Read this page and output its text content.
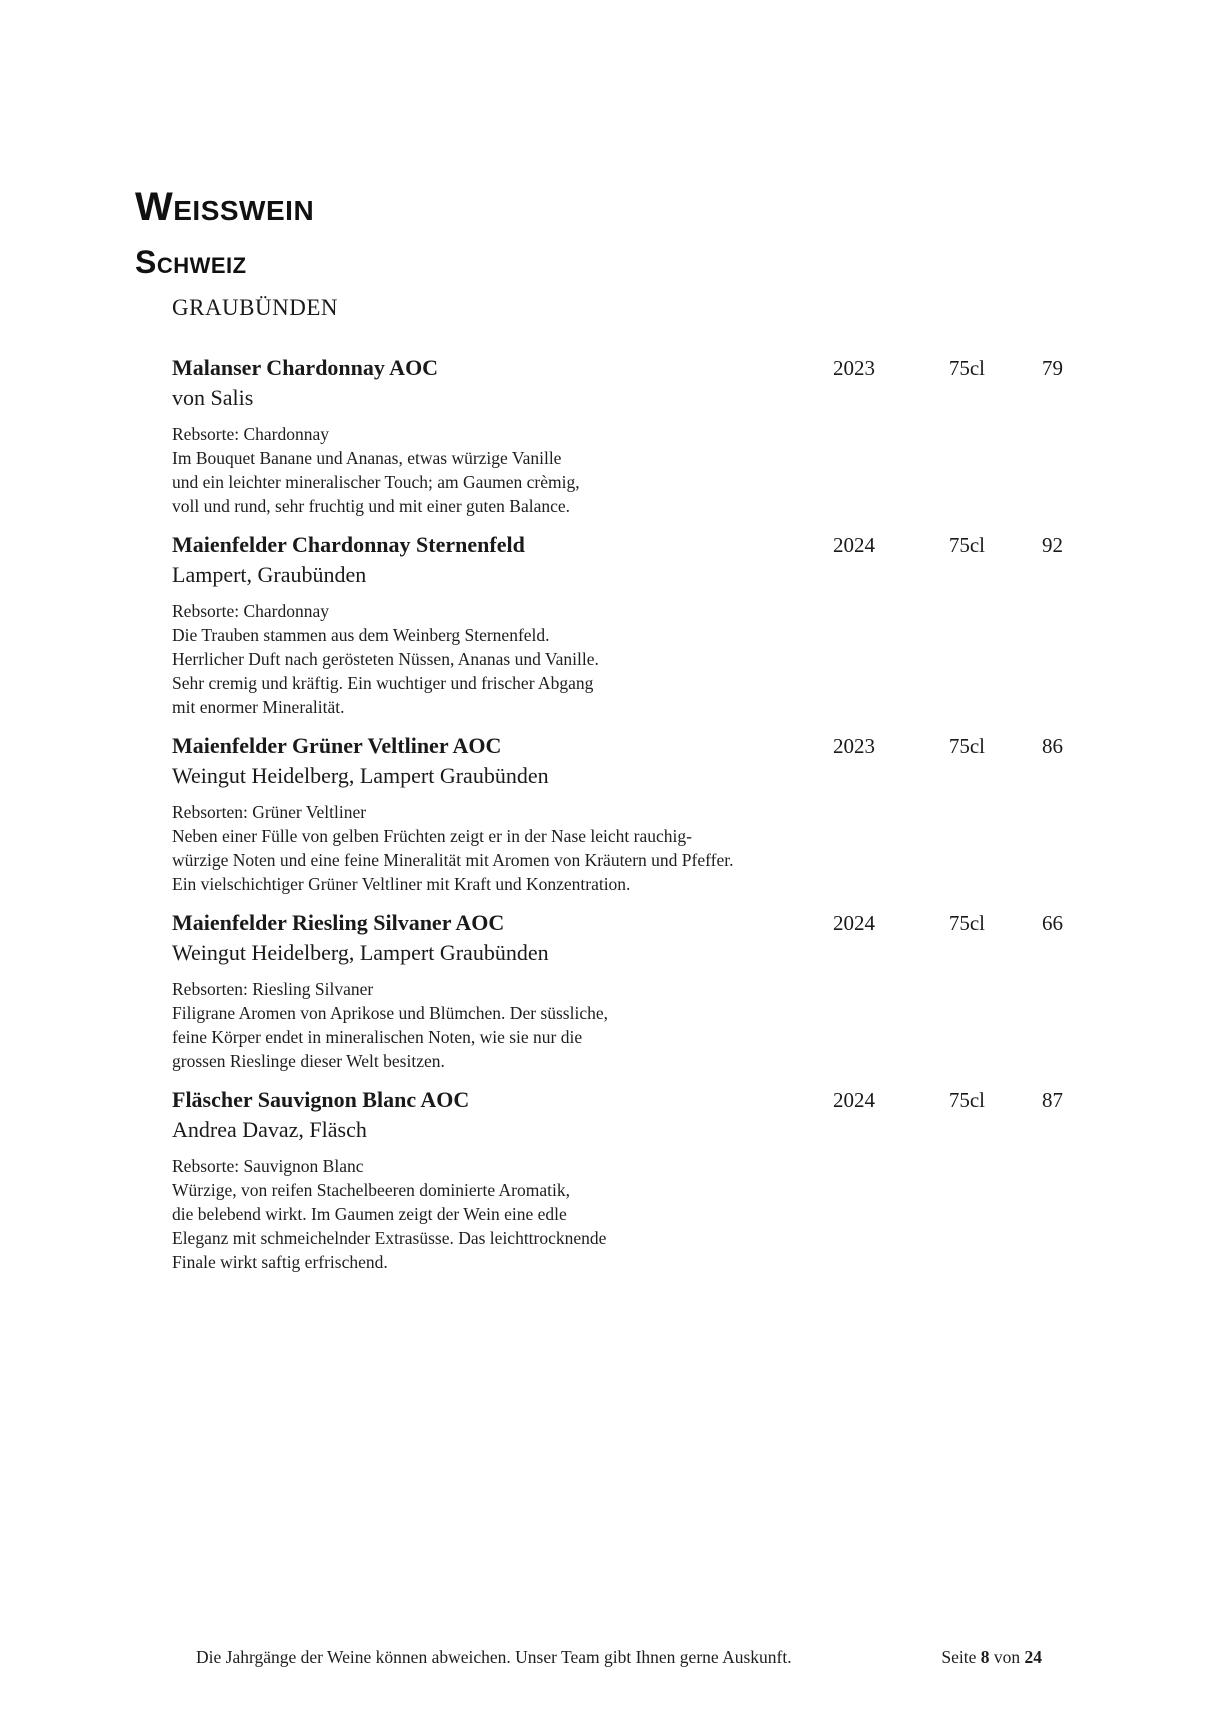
Weisswein
Schweiz
GRAUBÜNDEN
Malanser Chardonnay AOC
von Salis
2023	75cl	79
Rebsorte: Chardonnay
Im Bouquet Banane und Ananas, etwas würzige Vanille
und ein leichter mineralischer Touch; am Gaumen crèmig,
voll und rund, sehr fruchtig und mit einer guten Balance.
Maienfelder Chardonnay Sternenfeld
Lampert, Graubünden
2024	75cl	92
Rebsorte: Chardonnay
Die Trauben stammen aus dem Weinberg Sternenfeld.
Herrlicher Duft nach gerösteten Nüssen, Ananas und Vanille.
Sehr cremig und kräftig. Ein wuchtiger und frischer Abgang
mit enormer Mineralität.
Maienfelder Grüner Veltliner AOC
Weingut Heidelberg, Lampert Graubünden
2023	75cl	86
Rebsorten: Grüner Veltliner
Neben einer Fülle von gelben Früchten zeigt er in der Nase leicht rauchig-
würzige Noten und eine feine Mineralität mit Aromen von Kräutern und Pfeffer.
Ein vielschichtiger Grüner Veltliner mit Kraft und Konzentration.
Maienfelder Riesling Silvaner AOC
Weingut Heidelberg, Lampert Graubünden
2024	75cl	66
Rebsorten: Riesling Silvaner
Filigrane Aromen von Aprikose und Blümchen. Der süssliche,
feine Körper endet in mineralischen Noten, wie sie nur die
grossen Rieslinge dieser Welt besitzen.
Fläscher Sauvignon Blanc AOC
Andrea Davaz, Fläsch
2024	75cl	87
Rebsorte: Sauvignon Blanc
Würzige, von reifen Stachelbeeren dominierte Aromatik,
die belebend wirkt. Im Gaumen zeigt der Wein eine edle
Eleganz mit schmeichelnder Extrasüsse. Das leichttrocknende
Finale wirkt saftig erfrischend.
Die Jahrgänge der Weine können abweichen. Unser Team gibt Ihnen gerne Auskunft.	Seite 8 von 24
